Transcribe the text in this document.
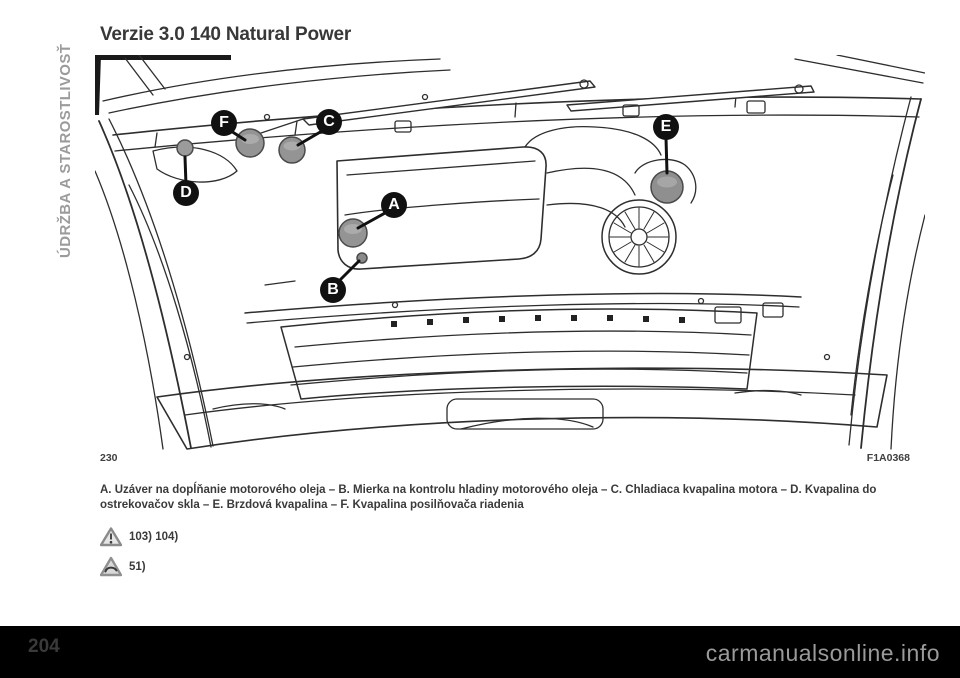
ÚDRŽBA A STAROSTLIVOSŤ
Verzie 3.0 140 Natural Power
A
B
C
D
E
F
230	F1A0368
A. Uzáver na dopĺňanie motorového oleja – B. Mierka na kontrolu hladiny motorového oleja – C. Chladiaca kvapalina motora – D. Kvapalina do
ostrekovačov skla – E. Brzdová kvapalina – F. Kvapalina posilňovača riadenia
103) 104)
51)
204	carmanualsonline.info
